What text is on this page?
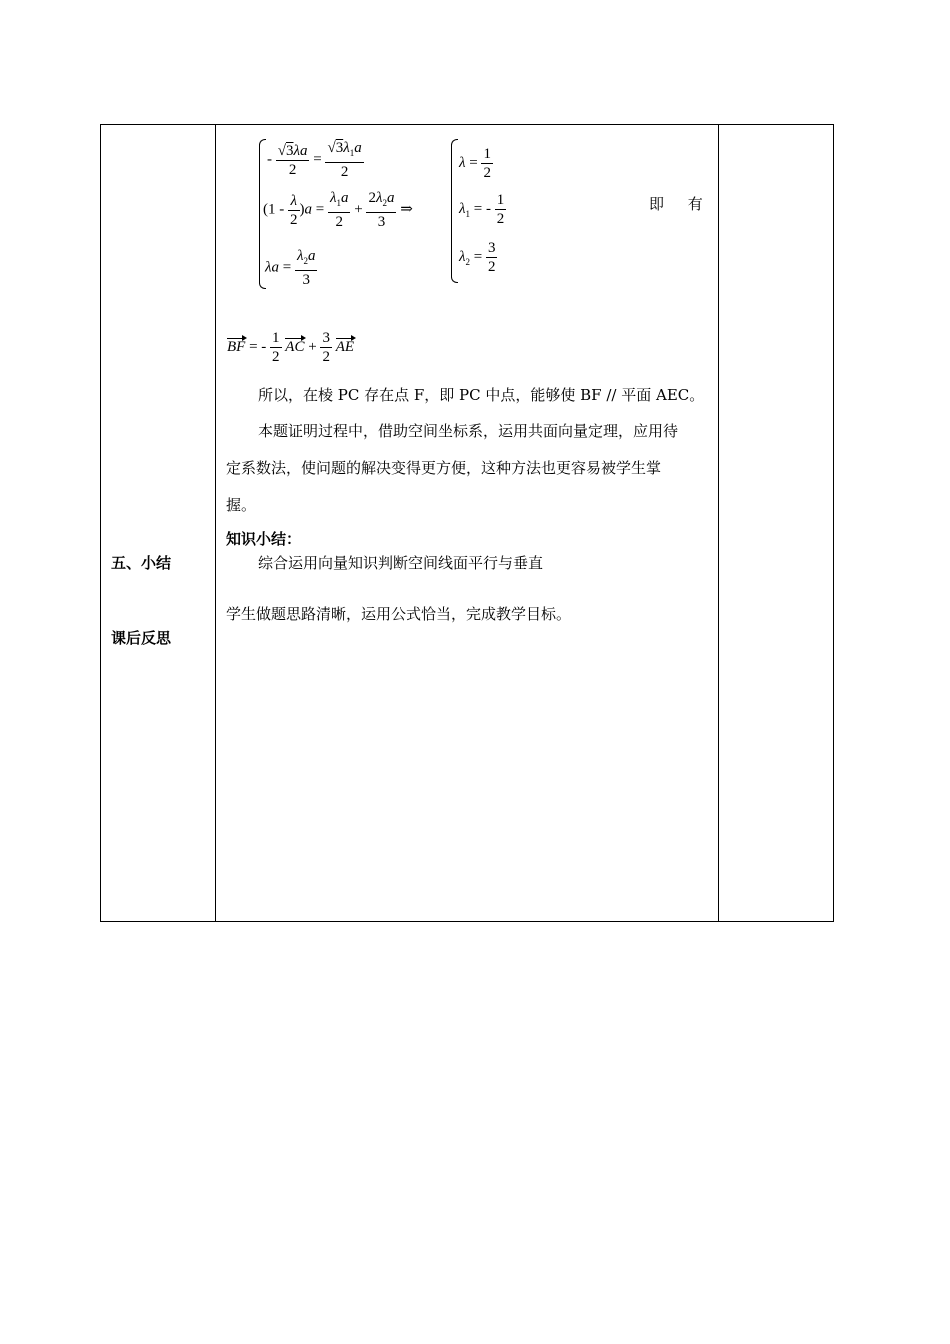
五、小结
课后反思
- $\frac{√3\lambda a}{2} = \frac{√3\lambda_1a}{2}$
$(1 - \frac{\lambda}{2} )a = \frac{\lambda_1a}{2} + \frac{2\lambda_2a}{3}$ ⇒
$\lambda a = \frac{\lambda_2a}{3}$
$\lambda = \frac{1}{2}$
$\lambda_1$ = - $\frac{1}{2}$
$\lambda_2 = \frac{3}{2}$
即 有
BF = - $\frac{1}{2}$ AC + $\frac{3}{2}$ AE
所以，在棱 PC 存在点 F，即 PC 中点，能够使 BF // 平面 AEC。
本题证明过程中，借助空间坐标系，运用共面向量定理，应用待
定系数法，使问题的解决变得更方便，这种方法也更容易被学生掌
握。
知识小结：
综合运用向量知识判断空间线面平行与垂直
学生做题思路清晰，运用公式恰当，完成教学目标。
